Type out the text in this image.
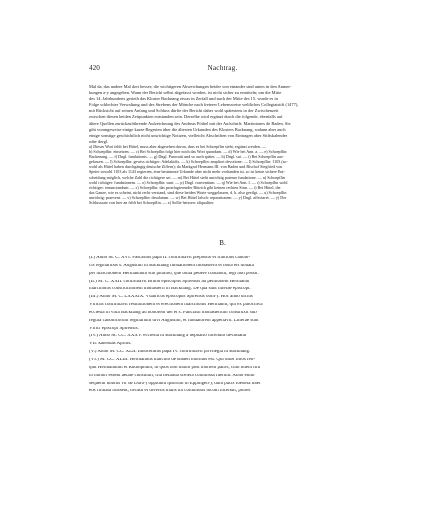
420	Nachtrag.
Mal da, das andere Mal dort besser; die wichtigeren Abweichungen beider von einander sind unten in den Anmer-
kungen a-y angegeben. Wann der Bericht selbst abgefasst worden, ist nicht sicher zu ermitteln; um die Mitte
des 14. Jahrhunderts gerieth das Kloster Backnang etwas in Zerfall und nach der Mitte des 15. wurde es in
Folge schlechter Verwaltung und des Strebens der Mönche nach freierer Lebensweise weltliches Collegiatstift (1477),
mit Rücksicht auf seinen Anfang und Schluss dürfte der Bericht daher wohl spätestens in der Zwischenzeit
zwischen diesen beiden Zeitpunkten entstanden sein. Derselbe wird ergänzt durch die folgende, ebenfalls auf
ältere Quellen zurückzuführende Aufzeichnung des Andreas Pöthel mit der Aufschrift: Martiniones de Baden. Sie
gibt vorangeweise einige kurze Regesten über die ältesten Urkunden des Klosters Backnang, sodann aber auch
einige sonstige geschichtlich nicht unwichtige Notizen, vielleicht Abschriften von Eintragen aber Stiftskalender
oder dergl.
a) Dieses Wort fehlt bei Hittel, muss aber abgesehen davon, dass es bei Schoepflin steht, ergänzt werden. —
b) Schoepflin: einsetzen. — c) Bei Schoepflin folgt hier noch das Wort quondam. — d) Wie bei Ann. a. — e) Schoepflin:
Backenang. — f) Dngl. fundationis. — g) Dngl. Pancratii und so auch später. — h) Dngl. sui. — i) Bei Schoepflin aus-
gelassen. — l) Schoepflin: gewiss richtiger: Adelakidis. — k) Schoepflin: ampliori devotione. — l) Schoepflin: 1103 (so-
wohl als Hittel haben durchgängig deutsche Ziffern); da Markgraf Hermann III. von Baden und Bischof Siegfried von
Speier sowohl 1103 als 1143 regierten, eine bestimmte Urkunde aber nicht mehr vorhanden ist, so ist keine sichere Ent-
scheidung möglich, welche Zahl die richtigere sei. — m) Bei Hittel steht unrichtig paterno fundatione. — n) Schoepflin
wohl richtiger: fundationem. — o) Schoepflin: sunt. — p) Dngl. conventium. — q) Wie bei Ann. l. — r) Schoepflin wohl
richtiger: renunciandum. — s) Schoepflin: das pronfugierender Bittrich gibt keinen rechten Sinn. — t) Bei Hittel, der
das Ganze, wie es scheint, nicht recht verstand, sind diese beiden Worte weggelassen, d. h. also geeilgt. — u) Schoepflin
unrichtig: praevent. — v) Schoepflin: desolatum. — w) Bei Hittel falsch: reparationem. — y) Dngl. affectaret. — y) Der
Schlusssatz von hier an fehlt bei Schoepflin. — z) Sollte heissen: aliqualiter.
B.
(I.) Anno M. C. XVI. Pascasius papa II. confirmavit preposito et fratribus canoni-
cis regularibus s. Augustini in Backnang fundationem monasterii et bona eis donata
per marchionem Hermannum sub plumbo, que bulla pedere contabuit, legi non possit.
(II.) M. C. XXII. confirmavit Bruno episcopus Spirensis ad petitionem Hermanni
marchionis constructionem monasterii in Backnang. De qua sunt litterae episcopi.
(III.) Anno M. C. LXXXIX. Vdalricus episcopus Spirensis obiit¹). Hoc anno dictus
Vlricus confirmavit restitutionem et erectionem marchionis Hermanni, qui ex parochiva
ecclesia in villa Backnang ad honorem dei et s. Pancratii monasterium construxit sub
regula canonicorum regularium divi Augustini, et fundatorem appellavit. Litterae sunt
Vlrici episcopi Spirensis.
(IV.) Anno M. CC. XXXV. ecclesia in Backnang a nephario incendio devastatur
VII. kalendas Aprilis.
(V.) Anno M. CC. XLII. Innocentius papa IV. confirmavit privilegia in Backnang.
(VI.) M. CC. XLIII. Hermannus marchio de Baden mortuus est. Qui duos filios reli-
quit Hermannum et Rudolphum, in quos non multo post mortem patris, cum iidem filii
in minori essent aetate constituti, tria nefanda scelera commissa fuerunt. Anno enim
sequenti nobilis vir de Duro²) oppidum ipsorum in Eppingen³), dum pacis foedera inter
eos firmata fuissent, invasit et diversis malis ibi commissis locum incendit, plures
